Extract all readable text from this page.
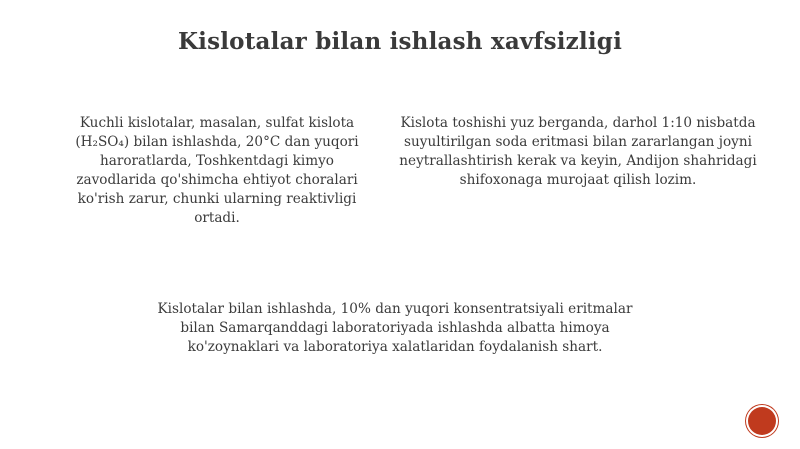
Kislotalar bilan ishlash xavfsizligi

Kuchli kislotalar, masalan, sulfat kislota (H₂SO₄) bilan ishlashda, 20°C dan yuqori haroratlarda, Toshkentdagi kimyo zavodlarida qo'shimcha ehtiyot choralari ko'rish zarur, chunki ularning reaktivligi ortadi.

Kislota toshishi yuz berganda, darhol 1:10 nisbatda suyultirilgan soda eritmasi bilan zararlangan joyni neytrallashtirish kerak va keyin, Andijon shahridagi shifoxonaga murojaat qilish lozim.

Kislotalar bilan ishlashda, 10% dan yuqori konsentratsiyali eritmalar bilan Samarqanddagi laboratoriyada ishlashda albatta himoya ko'zoynaklari va laboratoriya xalatlaridan foydalanish shart.
